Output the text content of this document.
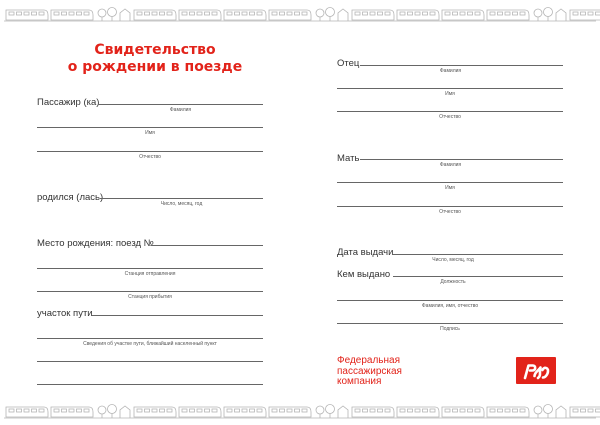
Свидетельство
о рождении в поезде
Пассажир (ка)
Фамилия
Имя
Отчество
родился (лась)
Число, месяц, год
Место рождения: поезд №
Станция отправления
Станция прибытия
участок пути
Сведения об участке пути, ближайший населенный пункт
Отец
Фамилия
Имя
Отчество
Мать
Фамилия
Имя
Отчество
Дата выдачи
Число, месяц, год
Кем выдано
Должность
Фамилия, имя, отчество
Подпись
Федеральная
пассажирская
компания
